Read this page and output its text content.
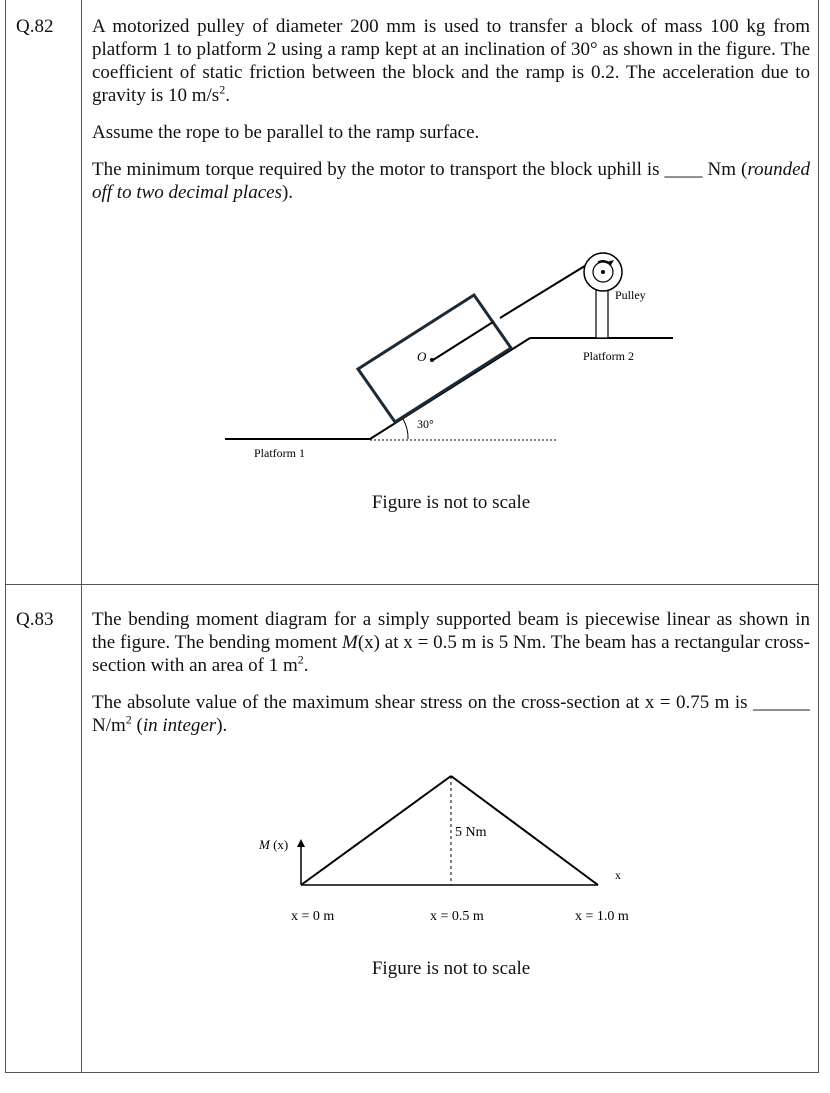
Q.82 A motorized pulley of diameter 200 mm is used to transfer a block of mass 100 kg from platform 1 to platform 2 using a ramp kept at an inclination of 30° as shown in the figure. The coefficient of static friction between the block and the ramp is 0.2. The acceleration due to gravity is 10 $m/s^2$.

Assume the rope to be parallel to the ramp surface.

The minimum torque required by the motor to transport the block uphill is ____ Nm (rounded off to two decimal places).

Pulley
Platform 2
Platform 1
O
30°
Figure is not to scale
Q.83 The bending moment diagram for a simply supported beam is piecewise linear as shown in the figure. The bending moment M(x) at x = 0.5 m is 5 Nm. The beam has a rectangular cross-section with an area of 1 $m^2$.

The absolute value of the maximum shear stress on the cross-section at x = 0.75 m is ______ $N/m^2$ (in integer).

M (x)
x
5 Nm
x = 0 m	x = 0.5 m	x = 1.0 m
Figure is not to scale
